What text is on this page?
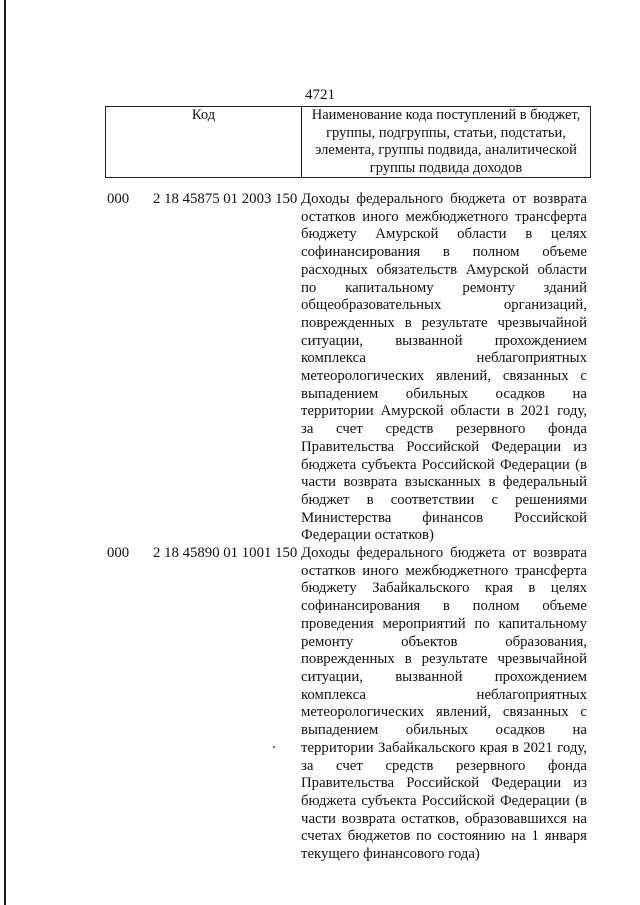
4721
Код	Наименование кода поступлений в бюджет, группы, подгруппы, статьи, подстатьи, элемента, группы подвида, аналитической группы подвида доходов
000 2 18 45875 01 2003 150 Доходы федерального бюджета от возврата остатков иного межбюджетного трансферта бюджету Амурской области в целях софинансирования в полном объеме расходных обязательств Амурской области по капитальному ремонту зданий общеобразовательных организаций, поврежденных в результате чрезвычайной ситуации, вызванной прохождением комплекса неблагоприятных метеорологических явлений, связанных с выпадением обильных осадков на территории Амурской области в 2021 году, за счет средств резервного фонда Правительства Российской Федерации из бюджета субъекта Российской Федерации (в части возврата взысканных в федеральный бюджет в соответствии с решениями Министерства финансов Российской Федерации остатков)
000 2 18 45890 01 1001 150 Доходы федерального бюджета от возврата остатков иного межбюджетного трансферта бюджету Забайкальского края в целях софинансирования в полном объеме проведения мероприятий по капитальному ремонту объектов образования, поврежденных в результате чрезвычайной ситуации, вызванной прохождением комплекса неблагоприятных метеорологических явлений, связанных с выпадением обильных осадков на территории Забайкальского края в 2021 году, за счет средств резервного фонда Правительства Российской Федерации из бюджета субъекта Российской Федерации (в части возврата остатков, образовавшихся на счетах бюджетов по состоянию на 1 января текущего финансового года)
